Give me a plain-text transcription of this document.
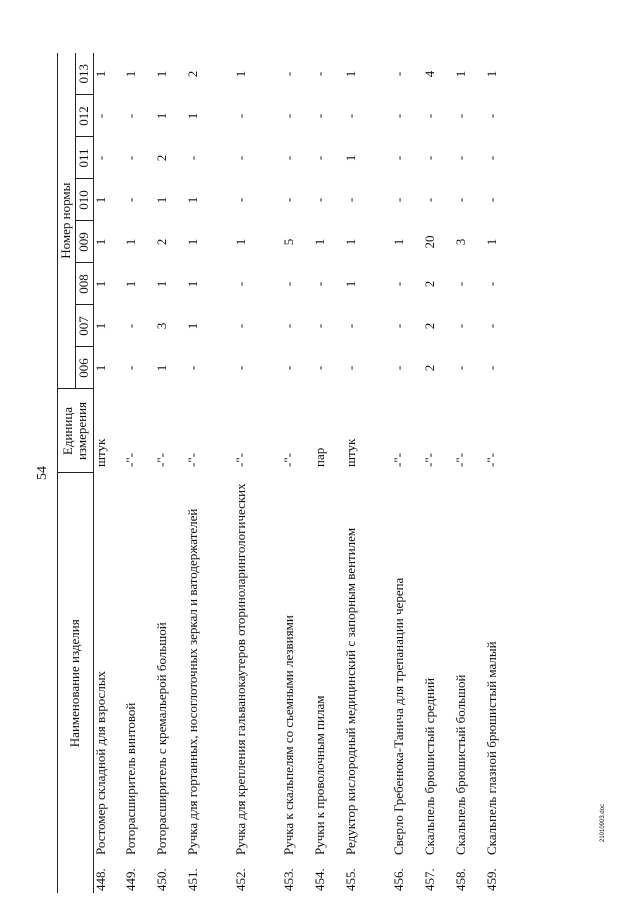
54
Наименование изделия	Единица
измерения	Номер нормы							
		006	007	008	009	010	011	012	013
448.Ростомер складной для взрослых	штук	1	1	1	1	1	-	-	1
449.Роторасширитель винтовой	-"-	-	-	1	1	-	-	-	1
450.Роторасширитель с кремальерой большой	-"-	1	3	1	2	1	2	1	1
451.Ручка для гортанных, носоглоточных зеркал и ватодержателей	-"-	-	1	1	1	1	-	1	2
452.Ручка для крепления гальванокаутеров оториноларингологических	-"-	-	-	-	1	-	-	-	1
453.Ручка к скальпелям со съемными лезвиями	-"-	-	-	-	5	-	-	-	-
454.Ручки к проволочным пилам	пар	-	-	-	1	-	-	-	-
455.Редуктор кислородный медицинский с запорным вентилем	штук	-	-	1	1	-	1	-	1
456.Сверло Гребенюка-Танича для трепанации черепа	-"-	-	-	-	1	-	-	-	-
457.Скальпель брюшистый средний	-"-	2	2	2	20	-	-	-	4
458.Скальпель брюшистый большой	-"-	-	-	-	3	-	-	-	1
459.Скальпель глазной брюшистый малый	-"-	-	-	-	1	-	-	-	1
21010903.doc
